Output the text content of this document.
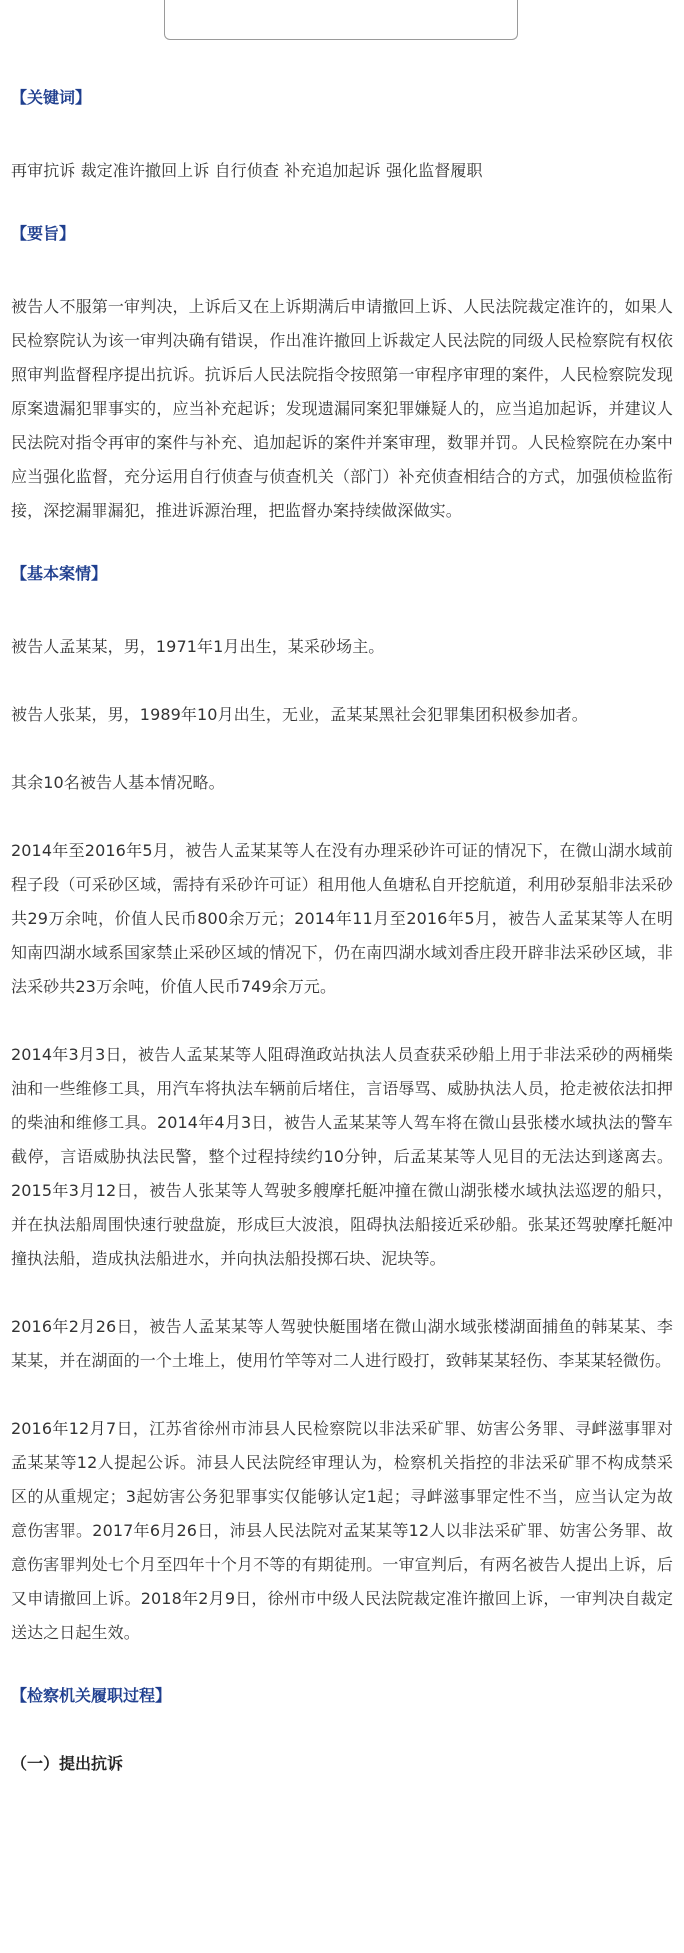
【关键词】
再审抗诉 裁定准许撤回上诉 自行侦查 补充追加起诉 强化监督履职
【要旨】
被告人不服第一审判决，上诉后又在上诉期满后申请撤回上诉、人民法院裁定准许的，如果人民检察院认为该一审判决确有错误，作出准许撤回上诉裁定人民法院的同级人民检察院有权依照审判监督程序提出抗诉。抗诉后人民法院指令按照第一审程序审理的案件，人民检察院发现原案遗漏犯罪事实的，应当补充起诉；发现遗漏同案犯罪嫌疑人的，应当追加起诉，并建议人民法院对指令再审的案件与补充、追加起诉的案件并案审理，数罪并罚。人民检察院在办案中应当强化监督，充分运用自行侦查与侦查机关（部门）补充侦查相结合的方式，加强侦检监衔接，深挖漏罪漏犯，推进诉源治理，把监督办案持续做深做实。
【基本案情】
被告人孟某某，男，1971年1月出生，某采砂场主。
被告人张某，男，1989年10月出生，无业，孟某某黑社会犯罪集团积极参加者。
其余10名被告人基本情况略。
2014年至2016年5月，被告人孟某某等人在没有办理采砂许可证的情况下，在微山湖水域前程子段（可采砂区域，需持有采砂许可证）租用他人鱼塘私自开挖航道，利用砂泵船非法采砂共29万余吨，价值人民币800余万元；2014年11月至2016年5月，被告人孟某某等人在明知南四湖水域系国家禁止采砂区域的情况下，仍在南四湖水域刘香庄段开辟非法采砂区域，非法采砂共23万余吨，价值人民币749余万元。
2014年3月3日，被告人孟某某等人阻碍渔政站执法人员查获采砂船上用于非法采砂的两桶柴油和一些维修工具，用汽车将执法车辆前后堵住，言语辱骂、威胁执法人员，抢走被依法扣押的柴油和维修工具。2014年4月3日，被告人孟某某等人驾车将在微山县张楼水域执法的警车截停，言语威胁执法民警，整个过程持续约10分钟，后孟某某等人见目的无法达到遂离去。2015年3月12日，被告人张某等人驾驶多艘摩托艇冲撞在微山湖张楼水域执法巡逻的船只，并在执法船周围快速行驶盘旋，形成巨大波浪，阻碍执法船接近采砂船。张某还驾驶摩托艇冲撞执法船，造成执法船进水，并向执法船投掷石块、泥块等。
2016年2月26日，被告人孟某某等人驾驶快艇围堵在微山湖水域张楼湖面捕鱼的韩某某、李某某，并在湖面的一个土堆上，使用竹竿等对二人进行殴打，致韩某某轻伤、李某某轻微伤。
2016年12月7日，江苏省徐州市沛县人民检察院以非法采矿罪、妨害公务罪、寻衅滋事罪对孟某某等12人提起公诉。沛县人民法院经审理认为，检察机关指控的非法采矿罪不构成禁采区的从重规定；3起妨害公务犯罪事实仅能够认定1起；寻衅滋事罪定性不当，应当认定为故意伤害罪。2017年6月26日，沛县人民法院对孟某某等12人以非法采矿罪、妨害公务罪、故意伤害罪判处七个月至四年十个月不等的有期徒刑。一审宣判后，有两名被告人提出上诉，后又申请撤回上诉。2018年2月9日，徐州市中级人民法院裁定准许撤回上诉，一审判决自裁定送达之日起生效。
【检察机关履职过程】
（一）提出抗诉
